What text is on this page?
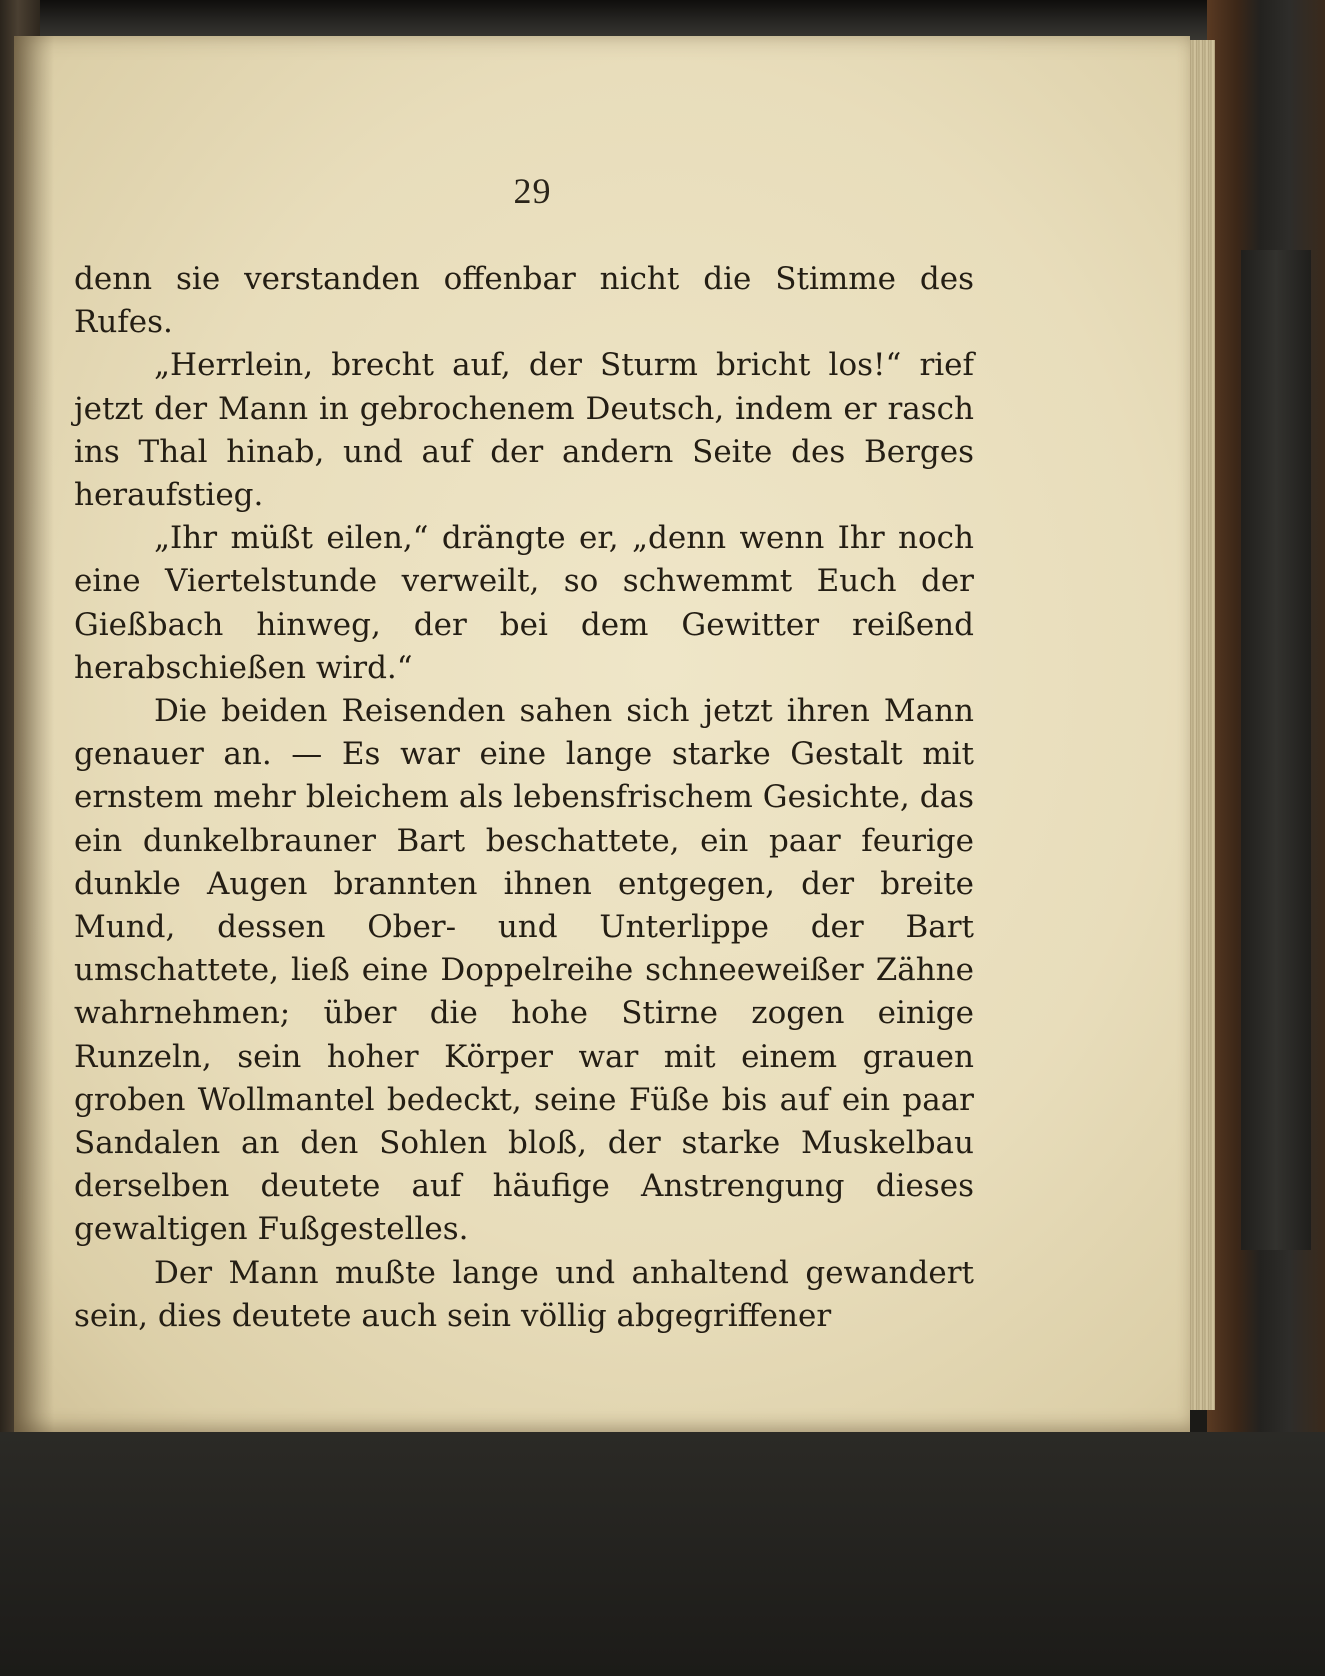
29

denn sie verstanden offenbar nicht die Stimme des Rufes.

„Herrlein, brecht auf, der Sturm bricht los!“ rief jetzt der Mann in gebrochenem Deutsch, indem er rasch ins Thal hinab, und auf der andern Seite des Berges heraufstieg.

„Ihr müßt eilen,“ drängte er, „denn wenn Ihr noch eine Viertelstunde verweilt, so schwemmt Euch der Gießbach hinweg, der bei dem Gewitter reißend herabschießen wird.“

Die beiden Reisenden sahen sich jetzt ihren Mann genauer an. — Es war eine lange starke Gestalt mit ernstem mehr bleichem als lebensfrischem Gesichte, das ein dunkelbrauner Bart beschattete, ein paar feurige dunkle Augen brannten ihnen entgegen, der breite Mund, dessen Ober- und Unterlippe der Bart umschattete, ließ eine Doppelreihe schneeweißer Zähne wahrnehmen; über die hohe Stirne zogen einige Runzeln, sein hoher Körper war mit einem grauen groben Wollmantel bedeckt, seine Füße bis auf ein paar Sandalen an den Sohlen bloß, der starke Muskelbau derselben deutete auf häufige Anstrengung dieses gewaltigen Fußgestelles.

Der Mann mußte lange und anhaltend gewandert sein, dies deutete auch sein völlig abgegriffener
